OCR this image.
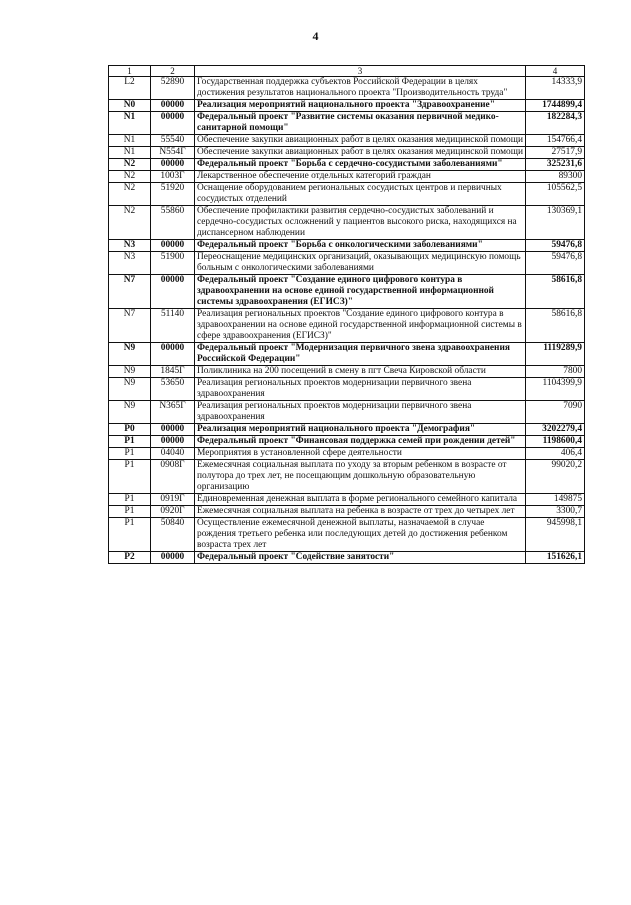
4
1	2	3	4
L2	52890	Государственная поддержка субъектов Российской Федерации в целях достижения результатов национального проекта "Производительность труда"	14333,9
N0	00000	Реализация мероприятий национального проекта "Здравоохранение"	1744899,4
N1	00000	Федеральный проект "Развитие системы оказания первичной медико-санитарной помощи"	182284,3
N1	55540	Обеспечение закупки авиационных работ в целях оказания медицинской помощи	154766,4
N1	N554Г	Обеспечение закупки авиационных работ в целях оказания медицинской помощи	27517,9
N2	00000	Федеральный проект "Борьба с сердечно-сосудистыми заболеваниями"	325231,6
N2	1003Г	Лекарственное обеспечение отдельных категорий граждан	89300
N2	51920	Оснащение оборудованием региональных сосудистых центров и первичных сосудистых отделений	105562,5
N2	55860	Обеспечение профилактики развития сердечно-сосудистых заболеваний и сердечно-сосудистых осложнений у пациентов высокого риска, находящихся на диспансерном наблюдении	130369,1
N3	00000	Федеральный проект "Борьба с онкологическими заболеваниями"	59476,8
N3	51900	Переоснащение медицинских организаций, оказывающих медицинскую помощь больным с онкологическими заболеваниями	59476,8
N7	00000	Федеральный проект "Создание единого цифрового контура в здравоохранении на основе единой государственной информационной системы здравоохранения (ЕГИСЗ)"	58616,8
N7	51140	Реализация региональных проектов "Создание единого цифрового контура в здравоохранении на основе единой государственной информационной системы в сфере здравоохранения (ЕГИСЗ)"	58616,8
N9	00000	Федеральный проект "Модернизация первичного звена здравоохранения Российской Федерации"	1119289,9
N9	1845Г	Поликлиника на 200 посещений в смену в пгт Свеча Кировской области	7800
N9	53650	Реализация региональных проектов модернизации первичного звена здравоохранения	1104399,9
N9	N365Г	Реализация региональных проектов модернизации первичного звена здравоохранения	7090
P0	00000	Реализация мероприятий национального проекта "Демография"	3202279,4
P1	00000	Федеральный проект "Финансовая поддержка семей при рождении детей"	1198600,4
P1	04040	Мероприятия в установленной сфере деятельности	406,4
P1	0908Г	Ежемесячная социальная выплата по уходу за вторым ребенком в возрасте от полутора до трех лет, не посещающим дошкольную образовательную организацию	99020,2
P1	0919Г	Единовременная денежная выплата в форме регионального семейного капитала	149875
P1	0920Г	Ежемесячная социальная выплата на ребенка в возрасте от трех до четырех лет	3300,7
P1	50840	Осуществление ежемесячной денежной выплаты, назначаемой в случае рождения третьего ребенка или последующих детей до достижения ребенком возраста трех лет	945998,1
P2	00000	Федеральный проект "Содействие занятости"	151626,1
